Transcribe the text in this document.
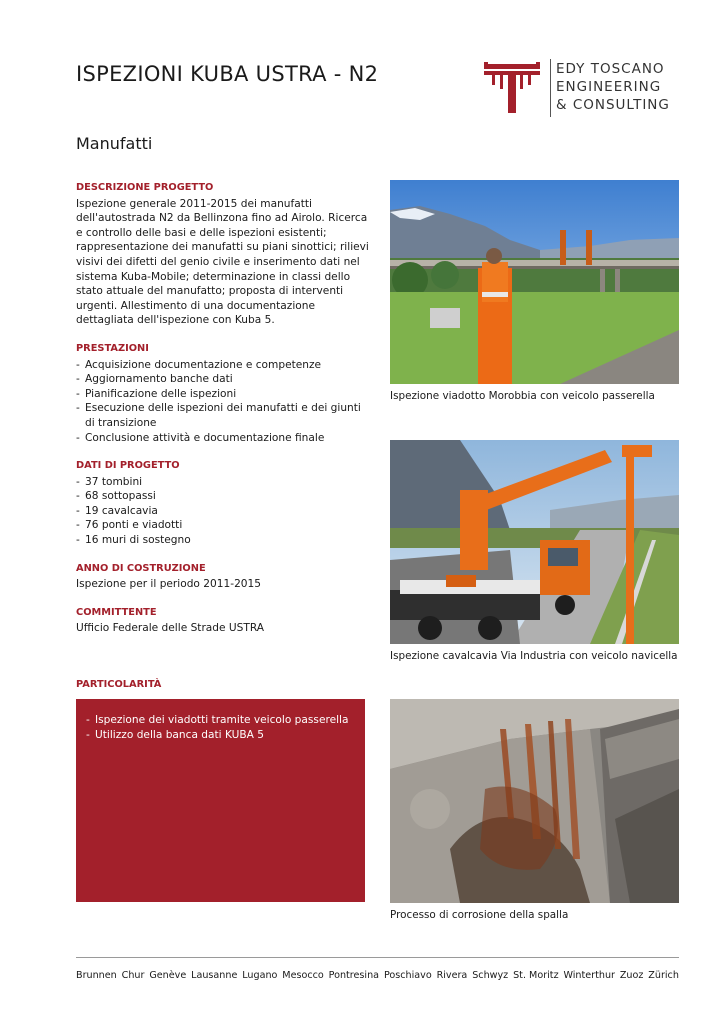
ISPEZIONI KUBA USTRA - N2
Manufatti
EDY TOSCANO
ENGINEERING
& CONSULTING
DESCRIZIONE PROGETTO

Ispezione generale 2011-2015 dei manufatti dell'autostrada N2 da Bellinzona fino ad Airolo. Ricerca e controllo delle basi e delle ispezioni esistenti; rappresentazione dei manufatti su piani sinottici; rilievi visivi dei difetti del genio civile e inserimento dati nel sistema Kuba-Mobile; determinazione in classi dello stato attuale del manufatto; proposta di interventi urgenti. Allestimento di una documentazione dettagliata dell'ispezione con Kuba 5.

PRESTAZIONI
- Acquisizione documentazione e competenze
- Aggiornamento banche dati
- Pianificazione delle ispezioni
- Esecuzione delle ispezioni dei manufatti e dei giunti di transizione
- Conclusione attività e documentazione finale
DATI DI PROGETTO
- 37 tombini
- 68 sottopassi
- 19 cavalcavia
- 76 ponti e viadotti
- 16 muri di sostegno
ANNO DI COSTRUZIONE

Ispezione per il periodo 2011-2015

COMMITTENTE

Ufficio Federale delle Strade USTRA

PARTICOLARITÀ
- Ispezione dei viadotti tramite veicolo passerella
- Utilizzo della banca dati KUBA 5
Ispezione viadotto Morobbia con veicolo passerella
Ispezione cavalcavia Via Industria con veicolo navicella
Processo di corrosione della spalla
Brunnen Chur Genève Lausanne Lugano Mesocco Pontresina Poschiavo Rivera Schwyz St. Moritz Winterthur Zuoz Zürich
